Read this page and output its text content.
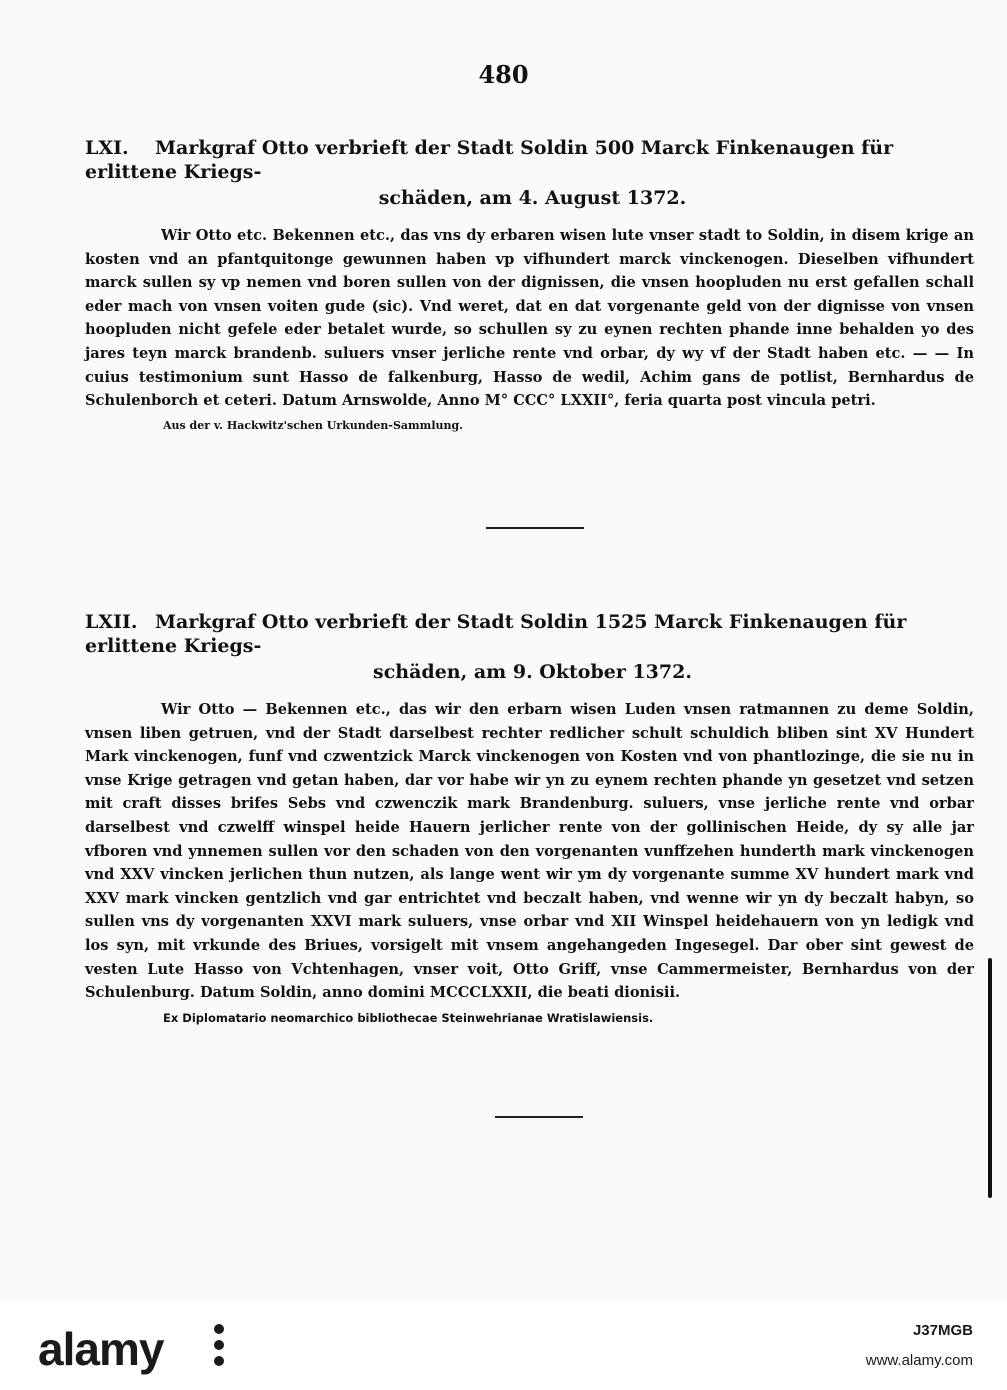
480
LXI. Markgraf Otto verbrieft der Stadt Soldin 500 Marck Finkenaugen für erlittene Kriegs-
schäden, am 4. August 1372.

Wir Otto etc. Bekennen etc., das vns dy erbaren wisen lute vnser stadt to Soldin, in disem krige an kosten vnd an pfantquitonge gewunnen haben vp vifhundert marck vinckenogen. Dieselben vifhundert marck sullen sy vp nemen vnd boren sullen von der dignissen, die vnsen hoopluden nu erst gefallen schall eder mach von vnsen voiten gude (sic). Vnd weret, dat en dat vorgenante geld von der dignisse von vnsen hoopluden nicht gefele eder betalet wurde, so schullen sy zu eynen rechten phande inne behalden yo des jares teyn marck brandenb. suluers vnser jerliche rente vnd orbar, dy wy vf der Stadt haben etc. — — In cuius testimonium sunt Hasso de falkenburg, Hasso de wedil, Achim gans de potlist, Bernhardus de Schulenborch et ceteri. Datum Arnswolde, Anno M° CCC° LXXII°, feria quarta post vincula petri.

Aus der v. Hackwitz'schen Urkunden-Sammlung.
LXII. Markgraf Otto verbrieft der Stadt Soldin 1525 Marck Finkenaugen für erlittene Kriegs-
schäden, am 9. Oktober 1372.

Wir Otto — Bekennen etc., das wir den erbarn wisen Luden vnsen ratmannen zu deme Soldin, vnsen liben getruen, vnd der Stadt darselbest rechter redlicher schult schuldich bliben sint XV Hundert Mark vinckenogen, funf vnd czwentzick Marck vinckenogen von Kosten vnd von phantlozinge, die sie nu in vnse Krige getragen vnd getan haben, dar vor habe wir yn zu eynem rechten phande yn gesetzet vnd setzen mit craft disses brifes Sebs vnd czwenczik mark Brandenburg. suluers, vnse jerliche rente vnd orbar darselbest vnd czwelff winspel heide Hauern jerlicher rente von der gollinischen Heide, dy sy alle jar vfboren vnd ynnemen sullen vor den schaden von den vorgenanten vunffzehen hunderth mark vinckenogen vnd XXV vincken jerlichen thun nutzen, als lange went wir ym dy vorgenante summe XV hundert mark vnd XXV mark vincken gentzlich vnd gar entrichtet vnd beczalt haben, vnd wenne wir yn dy beczalt habyn, so sullen vns dy vorgenanten XXVI mark suluers, vnse orbar vnd XII Winspel heidehauern von yn ledigk vnd los syn, mit vrkunde des Briues, vorsigelt mit vnsem angehangeden Ingesegel. Dar ober sint gewest de vesten Lute Hasso von Vchtenhagen, vnser voit, Otto Griff, vnse Cammermeister, Bernhardus von der Schulenburg. Datum Soldin, anno domini MCCCLXXII, die beati dionisii.

Ex Diplomatario neomarchico bibliothecae Steinwehrianae Wratislawiensis.
alamy	J37MGB
www.alamy.com
